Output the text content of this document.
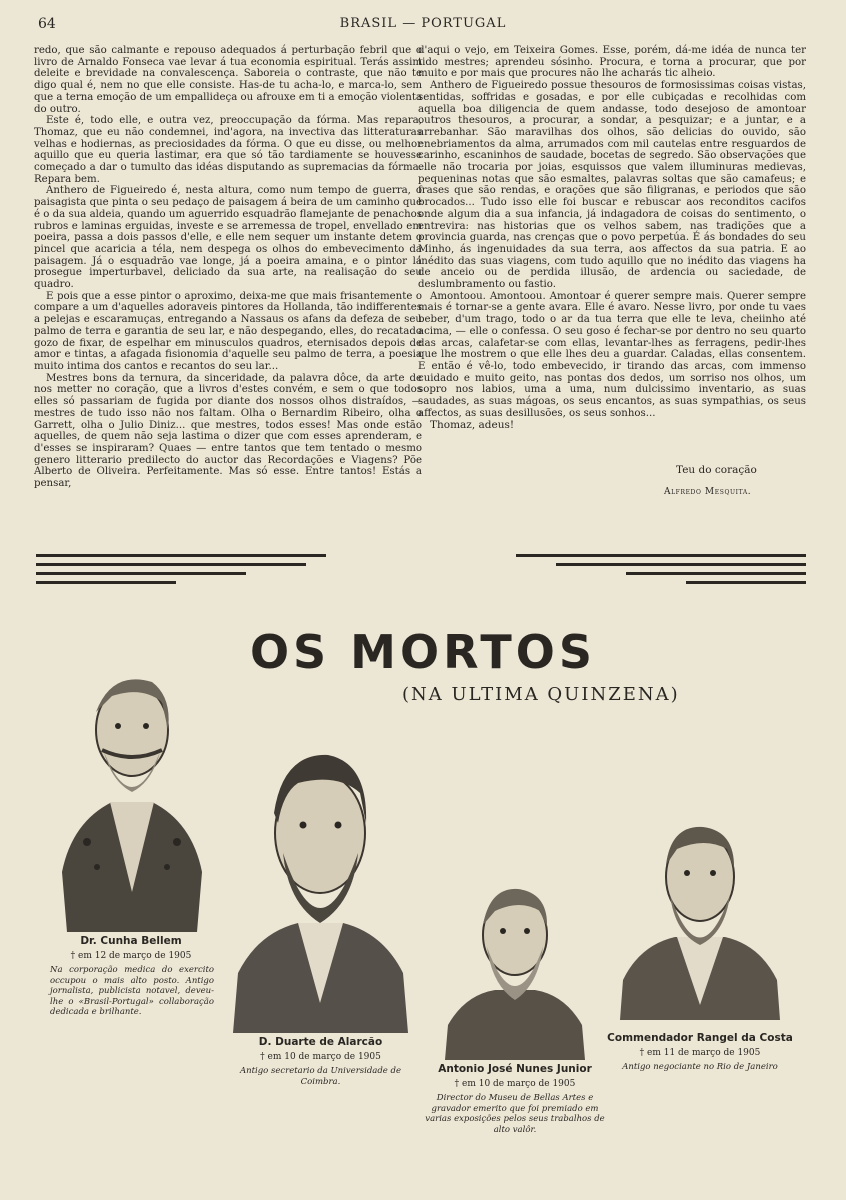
64	BRASIL — PORTUGAL

redo, que são calmante e repouso adequados á perturbação febril que o livro de Arnaldo Fonseca vae levar á tua economia espiritual. Terás assim deleite e brevidade na convalescença. Saboreia o contraste, que não te digo qual é, nem no que elle consiste. Has-de tu acha-lo, e marca-lo, sem que a terna emoção de um empallideça ou afrouxe em ti a emoção violenta do outro.

Este é, todo elle, e outra vez, preoccupação da fórma. Mas repara, Thomaz, que eu não condemnei, ind'agora, na invectiva das litteraturas velhas e hodiernas, as preciosidades da fórma. O que eu disse, ou melhor aquillo que eu queria lastimar, era que só tão tardiamente se houvesse começado a dar o tumulto das idéas disputando as supremacias da fórma. Repara bem.

Anthero de Figueiredo é, nesta altura, como num tempo de guerra, o paisagista que pinta o seu pedaço de paisagem á beira de um caminho que é o da sua aldeia, quando um aguerrido esquadrão flamejante de penachos rubros e laminas erguidas, investe e se arremessa de tropel, envellado em poeira, passa a dois passos d'elle, e elle nem sequer um instante detem o pincel que acaricia a téla, nem despega os olhos do embevecimento da paisagem. Já o esquadrão vae longe, já a poeira amaina, e o pintor lá prosegue imperturbavel, deliciado da sua arte, na realisação do seu quadro.

E pois que a esse pintor o aproximo, deixa-me que mais frisantemente o compare a um d'aquelles adoraveis pintores da Hollanda, tão indifferentes a pelejas e escaramuças, entregando a Nassaus os afans da defeza de seu palmo de terra e garantia de seu lar, e não despegando, elles, do recatado gozo de fixar, de espelhar em minusculos quadros, eternisados depois de amor e tintas, a afagada fisionomia d'aquelle seu palmo de terra, a poesia muito intima dos cantos e recantos do seu lar...

Mestres bons da ternura, da sinceridade, da palavra dôce, da arte de nos metter no coração, que a livros d'estes convém, e sem o que todos elles só passariam de fugida por diante dos nossos olhos distraídos, — mestres de tudo isso não nos faltam. Olha o Bernardim Ribeiro, olha o Garrett, olha o Julio Diniz... que mestres, todos esses! Mas onde estão aquelles, de quem não seja lastima o dizer que com esses aprenderam, e d'esses se inspiraram? Quaes — entre tantos que tem tentado o mesmo genero litterario predilecto do auctor das Recordações e Viagens? Põe Alberto de Oliveira. Perfeitamente. Mas só esse. Entre tantos! Estás a pensar,

d'aqui o vejo, em Teixeira Gomes. Esse, porém, dá-me idéa de nunca ter tido mestres; aprendeu sósinho. Procura, e torna a procurar, que por muito e por mais que procures não lhe acharás tic alheio.

Anthero de Figueiredo possue thesouros de formosissimas coisas vistas, sentidas, soffridas e gosadas, e por elle cubiçadas e recolhidas com aquella boa diligencia de quem andasse, todo desejoso de amontoar outros thesouros, a procurar, a sondar, a pesquizar; e a juntar, e a arrebanhar. São maravilhas dos olhos, são delicias do ouvido, são enebriamentos da alma, arrumados com mil cautelas entre resguardos de carinho, escaninhos de saudade, bocetas de segredo. São observações que elle não trocaria por joias, esquissos que valem illuminuras medievas, pequeninas notas que são esmaltes, palavras soltas que são camafeus; e frases que são rendas, e orações que são filigranas, e periodos que são brocados... Tudo isso elle foi buscar e rebuscar aos reconditos cacifos onde algum dia a sua infancia, já indagadora de coisas do sentimento, o entrevira: nas historias que os velhos sabem, nas tradições que a provincia guarda, nas crenças que o povo perpetúa. É ás bondades do seu Minho, ás ingenuidades da sua terra, aos affectos da sua patria. E ao inédito das suas viagens, com tudo aquillo que no inédito das viagens ha de anceio ou de perdida illusão, de ardencia ou saciedade, de deslumbramento ou fastio.

Amontoou. Amontoou. Amontoar é querer sempre mais. Querer sempre mais é tornar-se a gente avara. Elle é avaro. Nesse livro, por onde tu vaes beber, d'um trago, todo o ar da tua terra que elle te leva, cheiinho até acima, — elle o confessa. O seu goso é fechar-se por dentro no seu quarto das arcas, calafetar-se com ellas, levantar-lhes as ferragens, pedir-lhes que lhe mostrem o que elle lhes deu a guardar. Caladas, ellas consentem. E então é vê-lo, todo embevecido, ir tirando das arcas, com immenso cuidado e muito geito, nas pontas dos dedos, um sorriso nos olhos, um sopro nos labios, uma a uma, num dulcissimo inventario, as suas saudades, as suas mágoas, os seus encantos, as suas sympathias, os seus affectos, as suas desillusões, os seus sonhos...

Thomaz, adeus!

Teu do coração
Alfredo Mesquita.
OS MORTOS
(NA ULTIMA QUINZENA)
Dr. Cunha Bellem
† em 12 de março de 1905
Na corporação medica do exercito occupou o mais alto posto. Antigo jornalista, publicista notavel, deveu-lhe o «Brasil-Portugal» collaboração dedicada e brilhante.
D. Duarte de Alarcão
† em 10 de março de 1905
Antigo secretario da Universidade de Coimbra.
Antonio José Nunes Junior
† em 10 de março de 1905
Director do Museu de Bellas Artes e gravador emerito que foi premiado em varias exposições pelos seus trabalhos de alto valôr.
Commendador Rangel da Costa
† em 11 de março de 1905
Antigo negociante no Rio de Janeiro
